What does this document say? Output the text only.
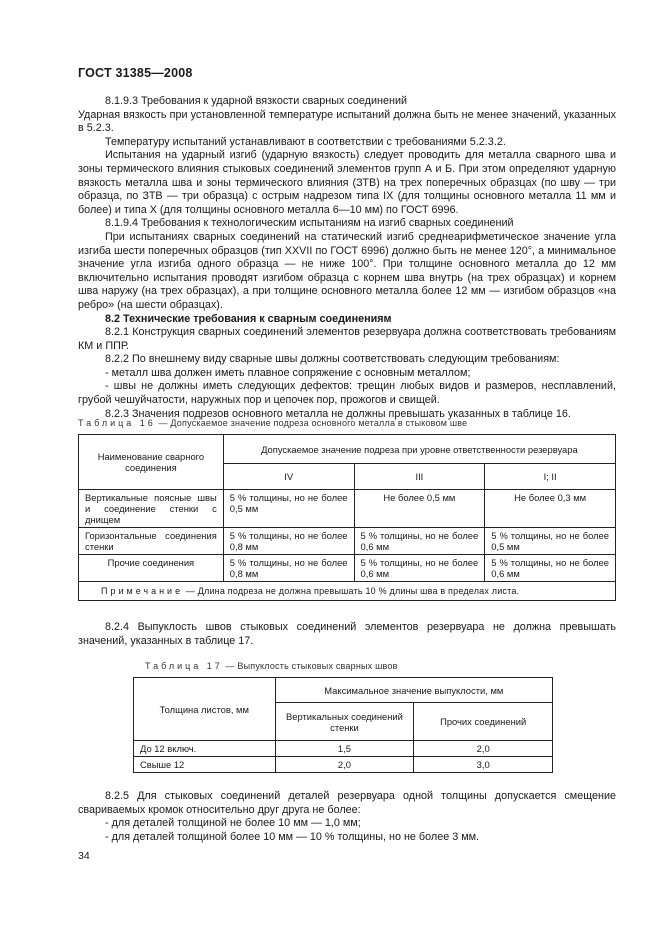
ГОСТ 31385—2008

8.1.9.3 Требования к ударной вязкости сварных соединений

Ударная вязкость при установленной температуре испытаний должна быть не менее значений, указанных в 5.2.3.

Температуру испытаний устанавливают в соответствии с требованиями 5.2.3.2.

Испытания на ударный изгиб (ударную вязкость) следует проводить для металла сварного шва и зоны термического влияния стыковых соединений элементов групп А и Б. При этом определяют ударную вязкость металла шва и зоны термического влияния (ЗТВ) на трех поперечных образцах (по шву — три образца, по ЗТВ — три образца) с острым надрезом типа IX (для толщины основного металла 11 мм и более) и типа X (для толщины основного металла 6—10 мм) по ГОСТ 6996.

8.1.9.4 Требования к технологическим испытаниям на изгиб сварных соединений

При испытаниях сварных соединений на статический изгиб среднеарифметическое значение угла изгиба шести поперечных образцов (тип XXVII по ГОСТ 6996) должно быть не менее 120°, а минимальное значение угла изгиба одного образца — не ниже 100°. При толщине основного металла до 12 мм включительно испытания проводят изгибом образца с корнем шва внутрь (на трех образцах) и корнем шва наружу (на трех образцах), а при толщине основного металла более 12 мм — изгибом образцов «на ребро» (на шести образцах).

8.2 Технические требования к сварным соединениям

8.2.1 Конструкция сварных соединений элементов резервуара должна соответствовать требованиям КМ и ППР.

8.2.2 По внешнему виду сварные швы должны соответствовать следующим требованиям:

- металл шва должен иметь плавное сопряжение с основным металлом;

- швы не должны иметь следующих дефектов: трещин любых видов и размеров, несплавлений, грубой чешуйчатости, наружных пор и цепочек пор, прожогов и свищей.

8.2.3 Значения подрезов основного металла не должны превышать указанных в таблице 16.

Таблица 16 — Допускаемое значение подреза основного металла в стыковом шве
Наименование сварного соединения	Допускаемое значение подреза при уровне ответственности резервуара		
	IV	III	I; II
Вертикальные поясные швы и соединение стенки с днищем	5 % толщины, но не более 0,5 мм	Не более 0,5 мм	Не более 0,3 мм
Горизонтальные соединения стенки	5 % толщины, но не более 0,8 мм	5 % толщины, но не более 0,6 мм	5 % толщины, но не более 0,5 мм
Прочие соединения	5 % толщины, но не более 0,8 мм	5 % толщины, но не более 0,6 мм	5 % толщины, но не более 0,6 мм
Примечание — Длина подреза не должна превышать 10 % длины шва в пределах листа.			

8.2.4 Выпуклость швов стыковых соединений элементов резервуара не должна превышать значений, указанных в таблице 17.

Таблица 17 — Выпуклость стыковых сварных швов
Толщина листов, мм	Максимальное значение выпуклости, мм	
	Вертикальных соединений стенки	Прочих соединений
До 12 включ.	1,5	2,0
Свыше 12	2,0	3,0

8.2.5 Для стыковых соединений деталей резервуара одной толщины допускается смещение свариваемых кромок относительно друг друга не более:

- для деталей толщиной не более 10 мм — 1,0 мм;

- для деталей толщиной более 10 мм — 10 % толщины, но не более 3 мм.

34
